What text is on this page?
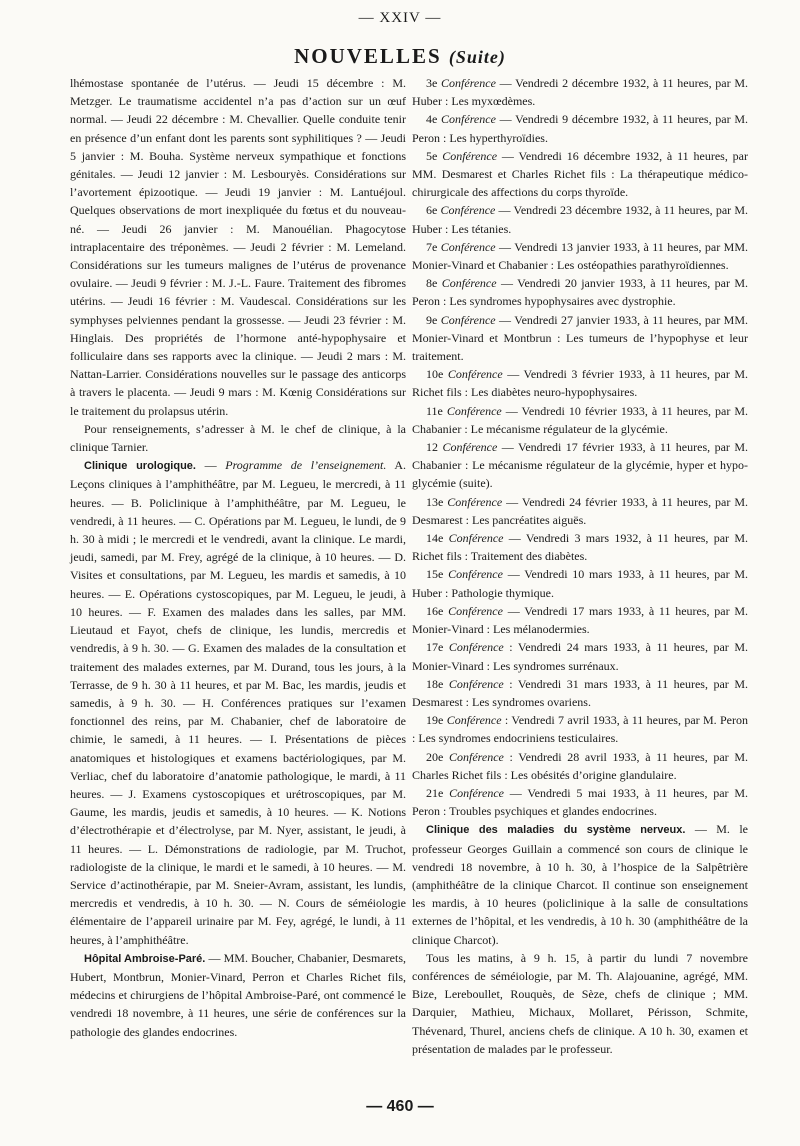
— XXIV —
NOUVELLES (Suite)

lhémostase spontanée de l’utérus. — Jeudi 15 décembre : M. Metzger. Le traumatisme accidentel n’a pas d’action sur un œuf normal. — Jeudi 22 décembre : M. Chevallier. Quelle conduite tenir en présence d’un enfant dont les parents sont syphilitiques ? — Jeudi 5 janvier : M. Bouha. Système nerveux sympathique et fonctions génitales. — Jeudi 12 janvier : M. Lesbouryès. Considérations sur l’avortement épizootique. — Jeudi 19 janvier : M. Lantuéjoul. Quelques observations de mort inexpliquée du fœtus et du nouveau-né. — Jeudi 26 janvier : M. Manouélian. Phagocytose intraplacentaire des tréponèmes. — Jeudi 2 février : M. Lemeland. Considérations sur les tumeurs malignes de l’utérus de provenance ovulaire. — Jeudi 9 février : M. J.-L. Faure. Traitement des fibromes utérins. — Jeudi 16 février : M. Vaudescal. Considérations sur les symphyses pelviennes pendant la grossesse. — Jeudi 23 février : M. Hinglais. Des propriétés de l’hormone anté-hypophysaire et folliculaire dans ses rapports avec la clinique. — Jeudi 2 mars : M. Nattan-Larrier. Considérations nouvelles sur le passage des anticorps à travers le placenta. — Jeudi 9 mars : M. Kœnig Considérations sur le traitement du prolapsus utérin.

Pour renseignements, s’adresser à M. le chef de clinique, à la clinique Tarnier.

Clinique urologique. — Programme de l’enseignement. A. Leçons cliniques à l’amphithéâtre, par M. Legueu, le mercredi, à 11 heures. — B. Policlinique à l’amphithéâtre, par M. Legueu, le vendredi, à 11 heures. — C. Opérations par M. Legueu, le lundi, de 9 h. 30 à midi ; le mercredi et le vendredi, avant la clinique. Le mardi, jeudi, samedi, par M. Frey, agrégé de la clinique, à 10 heures. — D. Visites et consultations, par M. Legueu, les mardis et samedis, à 10 heures. — E. Opérations cystoscopiques, par M. Legueu, le jeudi, à 10 heures. — F. Examen des malades dans les salles, par MM. Lieutaud et Fayot, chefs de clinique, les lundis, mercredis et vendredis, à 9 h. 30. — G. Examen des malades de la consultation et traitement des malades externes, par M. Durand, tous les jours, à la Terrasse, de 9 h. 30 à 11 heures, et par M. Bac, les mardis, jeudis et samedis, à 9 h. 30. — H. Conférences pratiques sur l’examen fonctionnel des reins, par M. Chabanier, chef de laboratoire de chimie, le samedi, à 11 heures. — I. Présentations de pièces anatomiques et histologiques et examens bactériologiques, par M. Verliac, chef du laboratoire d’anatomie pathologique, le mardi, à 11 heures. — J. Examens cystoscopiques et urétroscopiques, par M. Gaume, les mardis, jeudis et samedis, à 10 heures. — K. Notions d’électrothérapie et d’électrolyse, par M. Nyer, assistant, le jeudi, à 11 heures. — L. Démonstrations de radiologie, par M. Truchot, radiologiste de la clinique, le mardi et le samedi, à 10 heures. — M. Service d’actinothérapie, par M. Sneier-Avram, assistant, les lundis, mercredis et vendredis, à 10 h. 30. — N. Cours de séméiologie élémentaire de l’appareil urinaire par M. Fey, agrégé, le lundi, à 11 heures, à l’amphithéâtre.

Hôpital Ambroise-Paré. — MM. Boucher, Chabanier, Desmarets, Hubert, Montbrun, Monier-Vinard, Perron et Charles Richet fils, médecins et chirurgiens de l’hôpital Ambroise-Paré, ont commencé le vendredi 18 novembre, à 11 heures, une série de conférences sur la pathologie des glandes endocrines.

3e Conférence — Vendredi 2 décembre 1932, à 11 heures, par M. Huber : Les myxœdèmes.

4e Conférence — Vendredi 9 décembre 1932, à 11 heures, par M. Peron : Les hyperthyroïdies.

5e Conférence — Vendredi 16 décembre 1932, à 11 heures, par MM. Desmarest et Charles Richet fils : La thérapeutique médico-chirurgicale des affections du corps thyroïde.

6e Conférence — Vendredi 23 décembre 1932, à 11 heures, par M. Huber : Les tétanies.

7e Conférence — Vendredi 13 janvier 1933, à 11 heures, par MM. Monier-Vinard et Chabanier : Les ostéopathies parathyroïdiennes.

8e Conférence — Vendredi 20 janvier 1933, à 11 heures, par M. Peron : Les syndromes hypophysaires avec dystrophie.

9e Conférence — Vendredi 27 janvier 1933, à 11 heures, par MM. Monier-Vinard et Montbrun : Les tumeurs de l’hypophyse et leur traitement.

10e Conférence — Vendredi 3 février 1933, à 11 heures, par M. Richet fils : Les diabètes neuro-hypophysaires.

11e Conférence — Vendredi 10 février 1933, à 11 heures, par M. Chabanier : Le mécanisme régulateur de la glycémie.

12 Conférence — Vendredi 17 février 1933, à 11 heures, par M. Chabanier : Le mécanisme régulateur de la glycémie, hyper et hypo-glycémie (suite).

13e Conférence — Vendredi 24 février 1933, à 11 heures, par M. Desmarest : Les pancréatites aiguës.

14e Conférence — Vendredi 3 mars 1932, à 11 heures, par M. Richet fils : Traitement des diabètes.

15e Conférence — Vendredi 10 mars 1933, à 11 heures, par M. Huber : Pathologie thymique.

16e Conférence — Vendredi 17 mars 1933, à 11 heures, par M. Monier-Vinard : Les mélanodermies.

17e Conférence : Vendredi 24 mars 1933, à 11 heures, par M. Monier-Vinard : Les syndromes surrénaux.

18e Conférence : Vendredi 31 mars 1933, à 11 heures, par M. Desmarest : Les syndromes ovariens.

19e Conférence : Vendredi 7 avril 1933, à 11 heures, par M. Peron : Les syndromes endocriniens testiculaires.

20e Conférence : Vendredi 28 avril 1933, à 11 heures, par M. Charles Richet fils : Les obésités d’origine glandulaire.

21e Conférence — Vendredi 5 mai 1933, à 11 heures, par M. Peron : Troubles psychiques et glandes endocrines.

Clinique des maladies du système nerveux. — M. le professeur Georges Guillain a commencé son cours de clinique le vendredi 18 novembre, à 10 h. 30, à l’hospice de la Salpêtrière (amphithéâtre de la clinique Charcot. Il continue son enseignement les mardis, à 10 heures (policlinique à la salle de consultations externes de l’hôpital, et les vendredis, à 10 h. 30 (amphithéâtre de la clinique Charcot).

Tous les matins, à 9 h. 15, à partir du lundi 7 novembre conférences de séméiologie, par M. Th. Alajouanine, agrégé, MM. Bize, Lereboullet, Rouquès, de Sèze, chefs de clinique ; MM. Darquier, Mathieu, Michaux, Mollaret, Périsson, Schmite, Thévenard, Thurel, anciens chefs de clinique. A 10 h. 30, examen et présentation de malades par le professeur.

— 460 —
